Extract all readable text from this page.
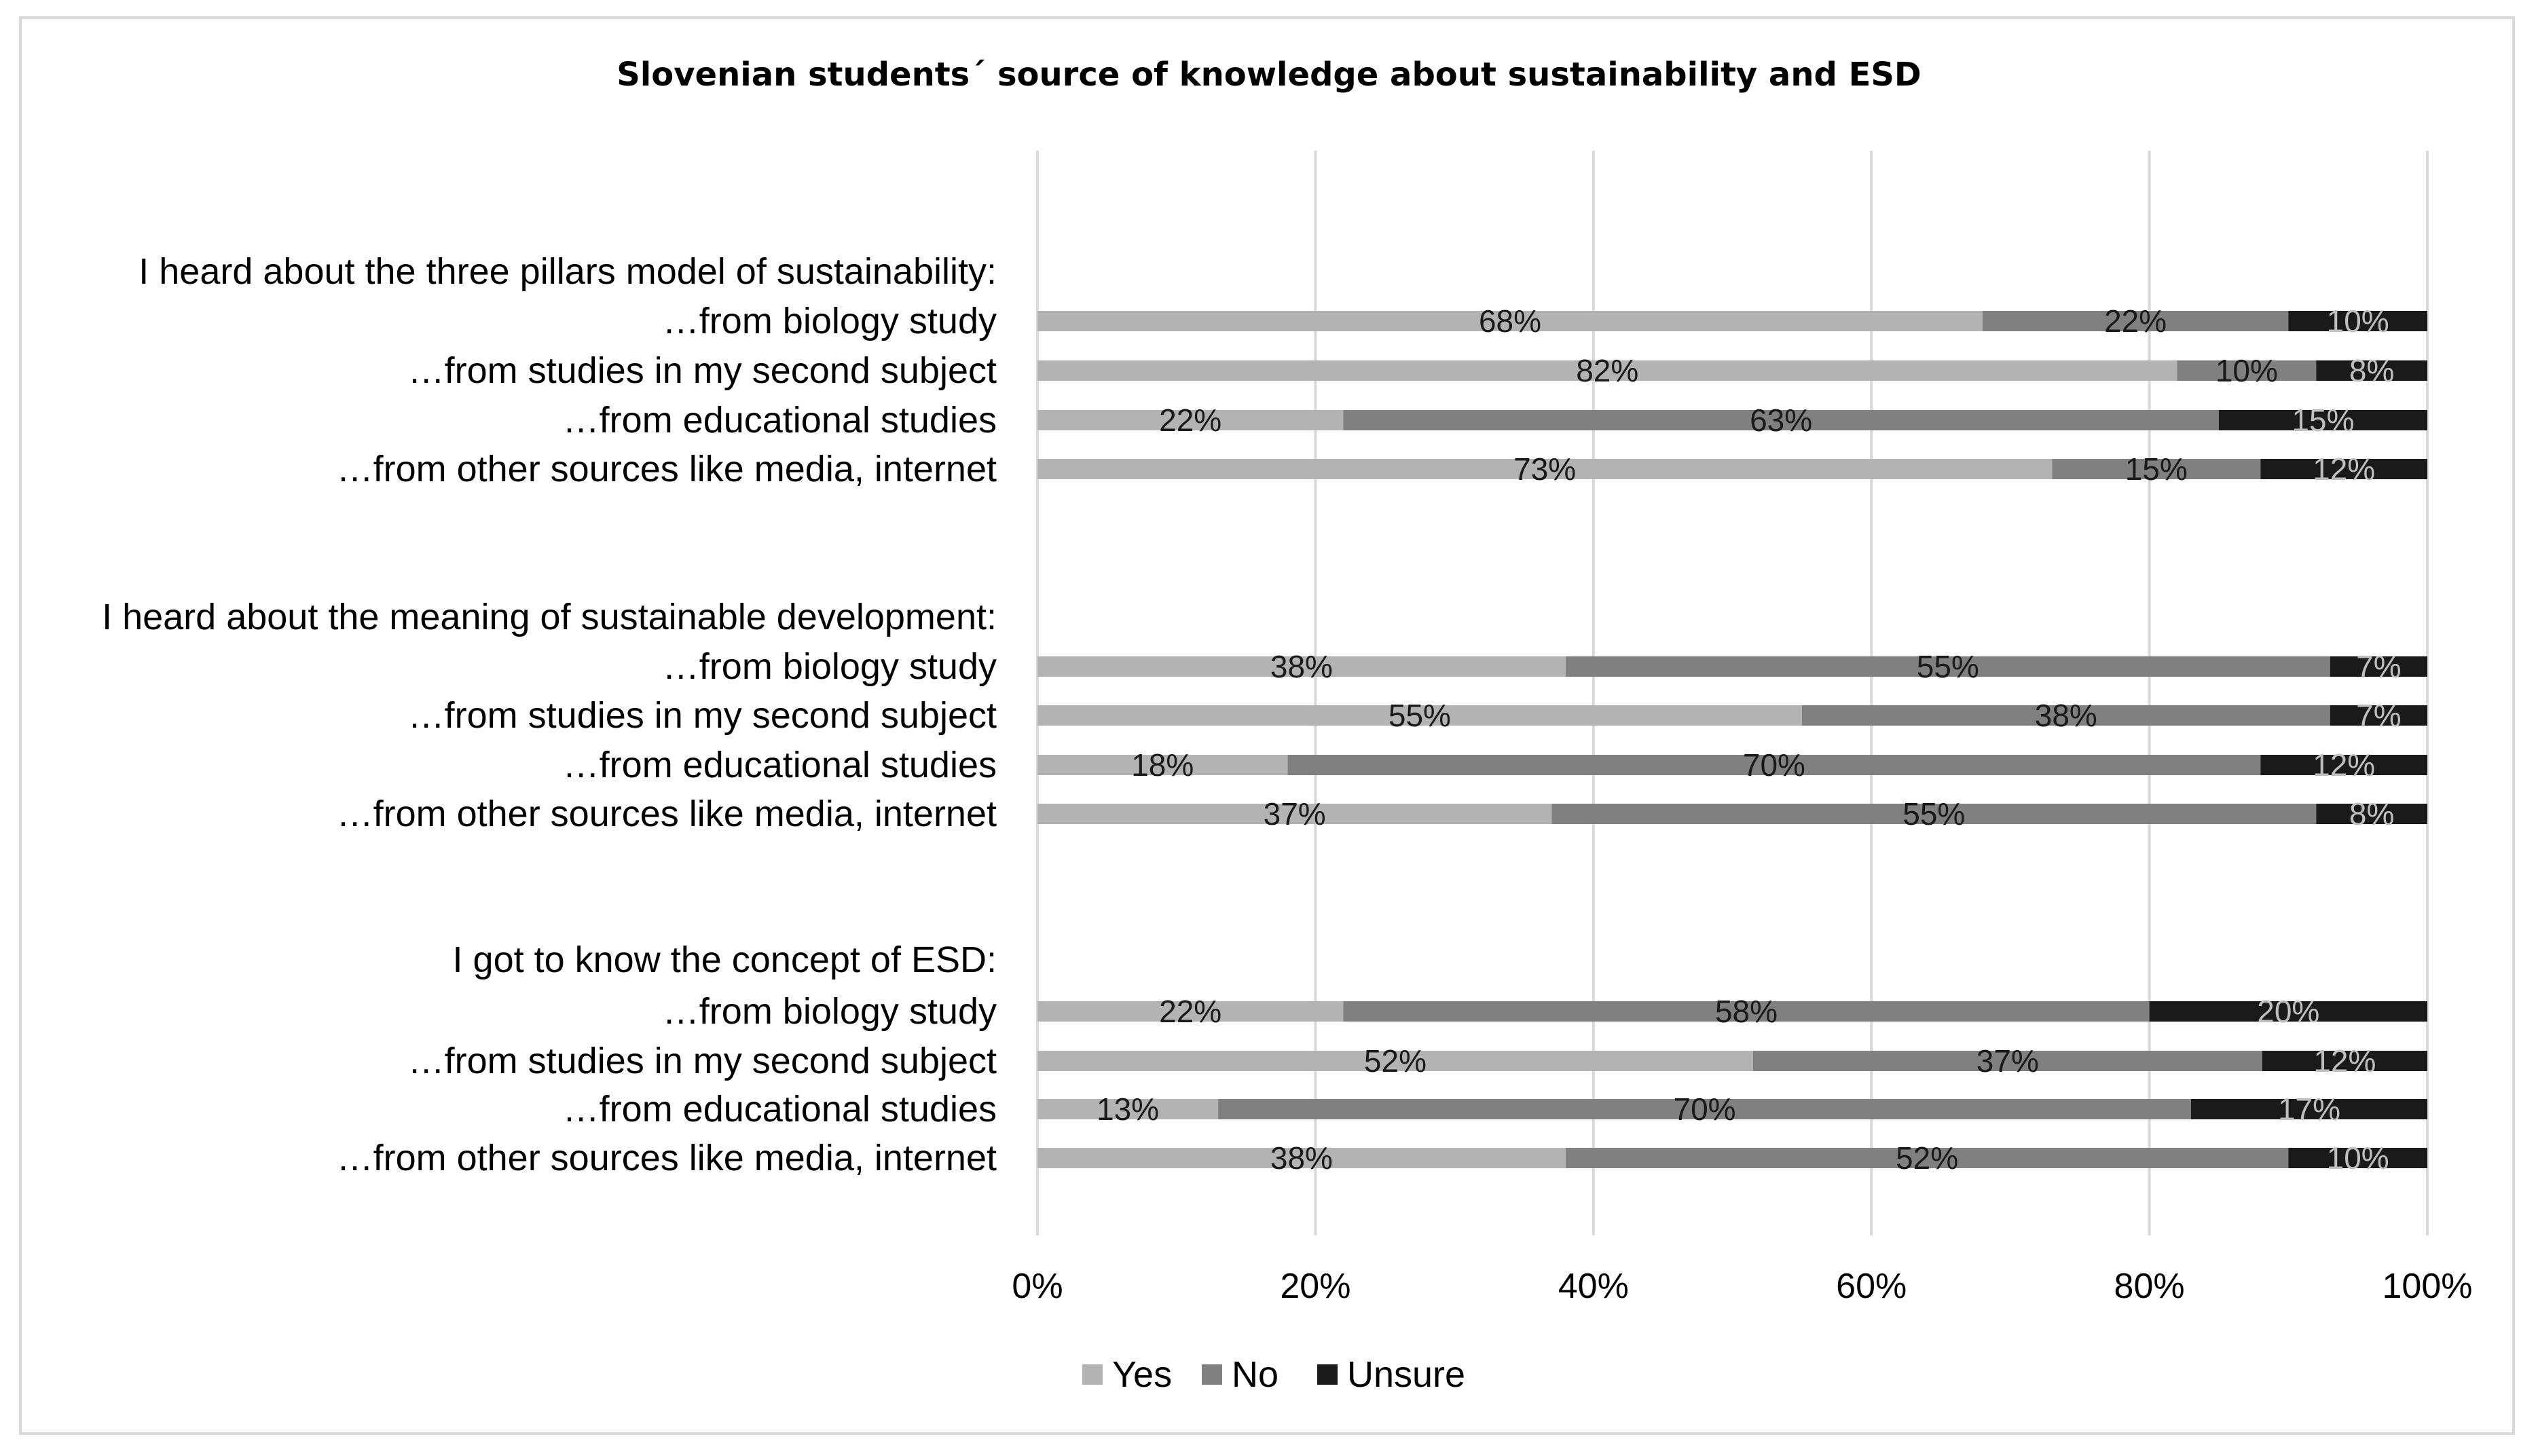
Slovenian students´ source of knowledge about sustainability and ESD
68%	22%	10%
82%	10% 8%
22%	63%	15%
73%	15%	12%
38%	55%	7%
55%	38%	7%
18%	70%	12%
37%	55%	8%
22%	58%	20%
52%	37%	12%
13%	70%	17%
38%	52%	10%
I heard about the three pillars model of sustainability:
…from biology study
…from studies in my second subject
…from educational studies
…from other sources like media, internet
I heard about the meaning of sustainable development:
…from biology study
…from studies in my second subject
…from educational studies
…from other sources like media, internet
I got to know the concept of ESD:
…from biology study
…from studies in my second subject
…from educational studies
…from other sources like media, internet
0%	20%	40%	60%	80%	100%
Yes No Unsure
